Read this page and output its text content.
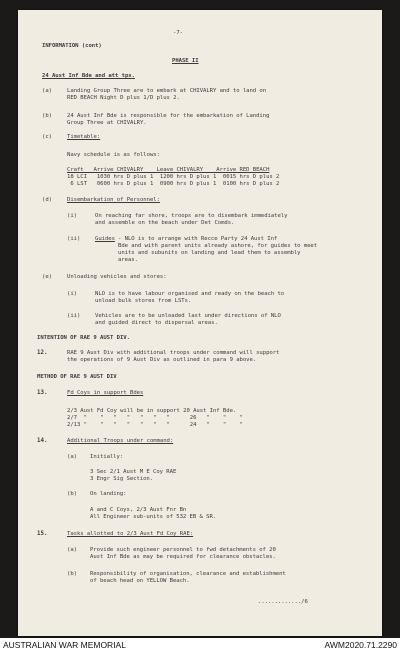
-7-
INFORMATION (cont)
PHASE II
24 Aust Inf Bde and att tps.
(a)	Landing Group Three are to embark at CHIVALRY and to land on
RED BEACH Night D plus 1/D plus 2.
(b)	24 Aust Inf Bde is responsible for the embarkation of Landing
Group Three at CHIVALRY.
(c)	Timetable:
Navy schedule is as follows:
Craft   Arrive CHIVALRY    Leave CHIVALRY    Arrive RED BEACH
18 LCI   1030 hrs D plus 1  1200 hrs D plus 1  0015 hrs D plus 2
6 LST   0600 hrs D plus 1  0900 hrs D plus 1  0100 hrs D plus 2
(d)	Disembarkation of Personnel:
(i)	On reaching far shore, troops are to disembark immediately
and assemble on the beach under Det Comds.
(ii)	Guides - NLO is to arrange with Recce Party 24 Aust Inf
Bde and with parent units already ashore, for guides to meet
units and subunits on landing and lead them to assembly
areas.
(e)	Unloading vehicles and stores:
(i)	NLO is to have labour organised and ready on the beach to
unload bulk stores from LSTs.
(ii)	Vehicles are to be unloaded last under directions of NLO
and guided direct to dispersal areas.
INTENTION OF RAE 9 AUST DIV.
12.	RAE 9 Aust Div with additional troops under command will support
the operations of 9 Aust Div as outlined in para 9 above.
METHOD OF RAE 9 AUST DIV
13.	Fd Coys in support Bdes
2/3 Aust Fd Coy will be in support 20 Aust Inf Bde.
2/7  "    "   "   "   "   "   "      26   "    "    "
2/13 "    "   "   "   "   "   "      24   "    "    "
14.	Additional Troops under command:
(a) Initially:
3 Sec 2/1 Aust M E Coy RAE
3 Engr Sig Section.
(b) On landing:
A and C Coys, 2/3 Aust Fnr Bn
All Engineer sub-units of 532 EB & SR.
15.	Tasks allotted to 2/3 Aust Fd Coy RAE:
(a) Provide such engineer personnel to fwd detachments of 20
Aust Inf Bde as may be required for clearance obstacles.
(b) Responsibility of organisation, clearance and establishment
of beach head on YELLOW Beach.
............./6
AUSTRALIAN WAR MEMORIAL	AWM2020.71.2290
